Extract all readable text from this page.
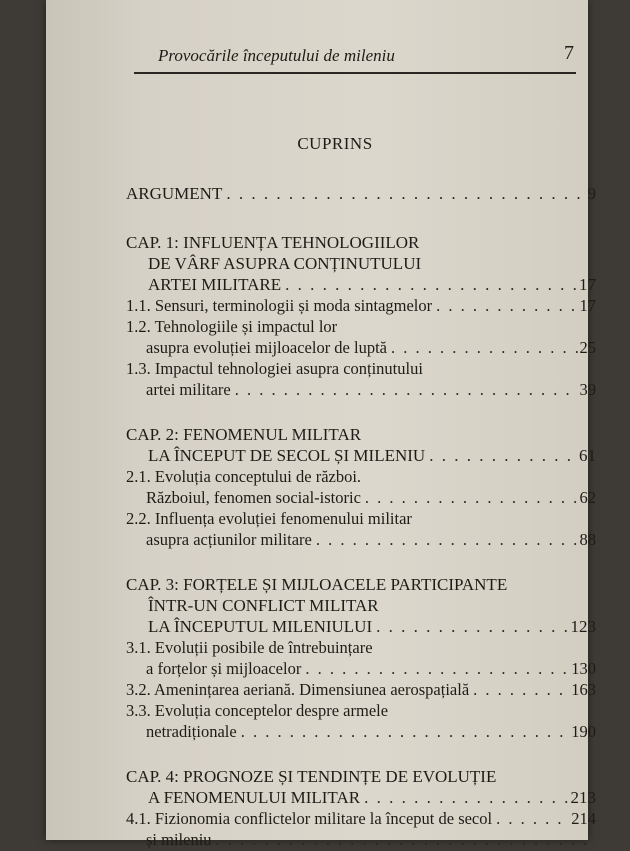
Provocările începutului de mileniu	7
CUPRINS
ARGUMENT . . .	9
CAP. 1: INFLUENȚA TEHNOLOGIILOR
DE VÂRF ASUPRA CONȚINUTULUI
ARTEI MILITARE . . .	17
1.1. Sensuri, terminologii și moda sintagmelor . . .	17
1.2. Tehnologiile și impactul lor
asupra evoluției mijloacelor de luptă . . .	25
1.3. Impactul tehnologiei asupra conținutului
artei militare . . .	39
CAP. 2: FENOMENUL MILITAR
LA ÎNCEPUT DE SECOL ȘI MILENIU . . .	61
2.1. Evoluția conceptului de război.
Războiul, fenomen social-istoric . . .	62
2.2. Influența evoluției fenomenului militar
asupra acțiunilor militare . . .	88
CAP. 3: FORȚELE ȘI MIJLOACELE PARTICIPANTE
ÎNTR-UN CONFLICT MILITAR
LA ÎNCEPUTUL MILENIULUI . . .	123
3.1. Evoluții posibile de întrebuințare
a forțelor și mijloacelor . . .	130
3.2. Amenințarea aeriană. Dimensiunea aerospațială . . .	163
3.3. Evoluția conceptelor despre armele
netradiționale . . .	190
CAP. 4: PROGNOZE ȘI TENDINȚE DE EVOLUȚIE
A FENOMENULUI MILITAR . . .	213
4.1. Fizionomia conflictelor militare la început de secol . . .	214
și mileniu
. . .
